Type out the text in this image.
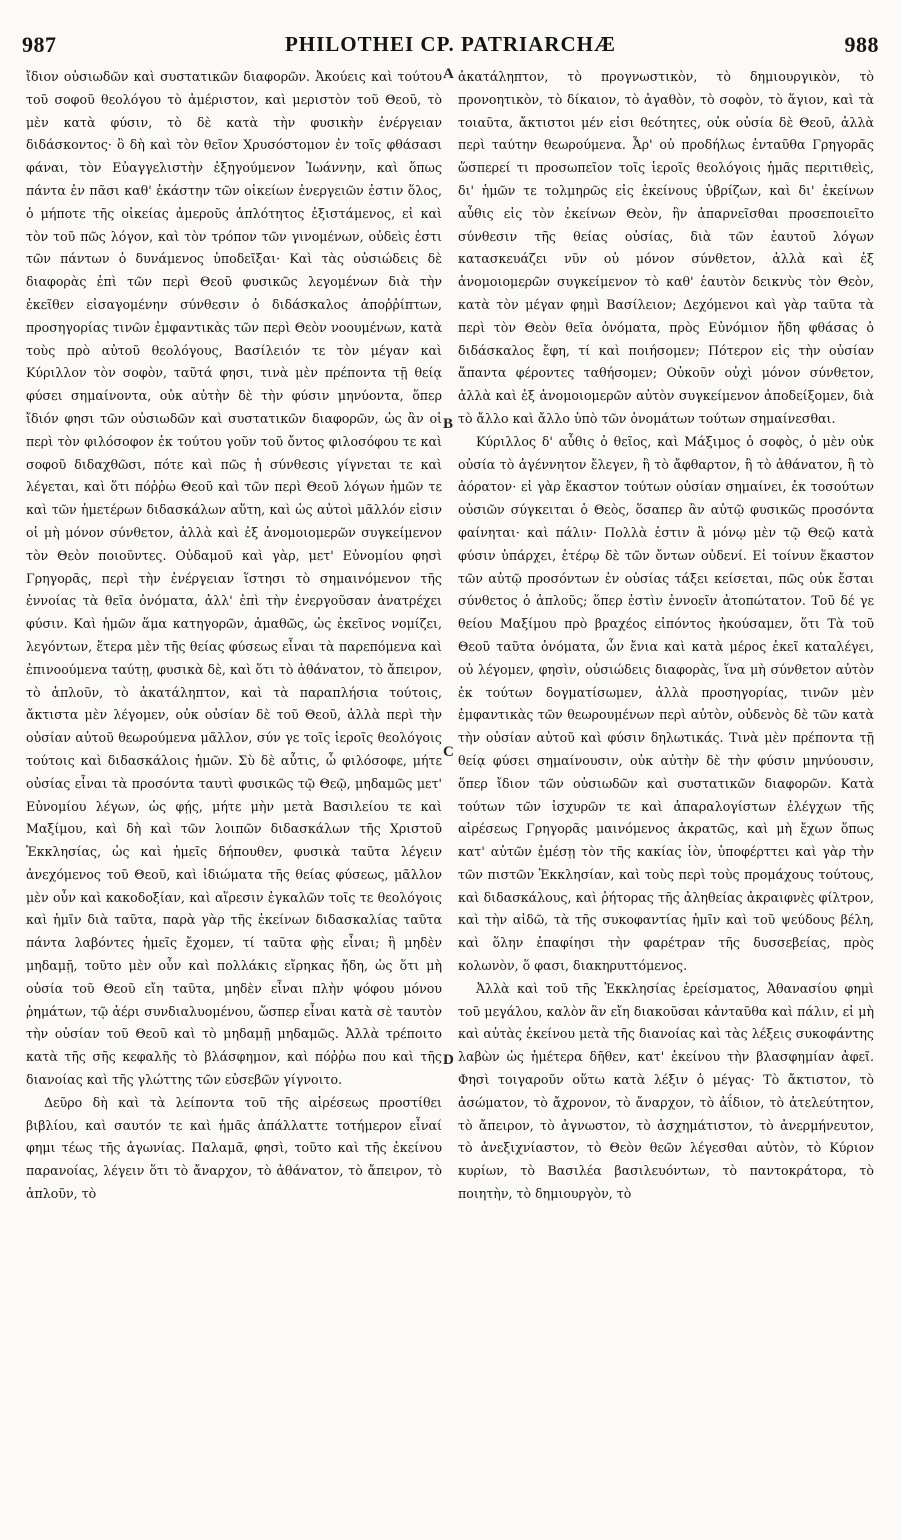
987	PHILOTHEI CP. PATRIARCHÆ	988

ἴδιον οὐσιωδῶν καὶ συστατικῶν διαφορῶν. Ἀκούεις καὶ τούτου τοῦ σοφοῦ θεολόγου τὸ ἀμέριστον, καὶ μεριστὸν τοῦ Θεοῦ, τὸ μὲν κατὰ φύσιν, τὸ δὲ κατὰ τὴν φυσικὴν ἐνέργειαν διδάσκοντος· ὃ δὴ καὶ τὸν θεῖον Χρυσόστομον ἐν τοῖς φθάσασι φάναι, τὸν Εὐαγγελιστὴν ἐξηγούμενον Ἰωάννην, καὶ ὅπως πάντα ἐν πᾶσι καθ' ἑκάστην τῶν οἰκείων ἐνεργειῶν ἐστιν ὅλος, ὁ μήποτε τῆς οἰκείας ἀμεροῦς ἁπλότητος ἐξιστάμενος, εἰ καὶ τὸν τοῦ πῶς λόγον, καὶ τὸν τρόπον τῶν γινομένων, οὐδεὶς ἐστι τῶν πάντων ὁ δυνάμενος ὑποδεῖξαι· Καὶ τὰς οὐσιώδεις δὲ διαφορὰς ἐπὶ τῶν περὶ Θεοῦ φυσικῶς λεγομένων διὰ τὴν ἐκεῖθεν εἰσαγομένην σύνθεσιν ὁ διδάσκαλος ἀποῤῥίπτων, προσηγορίας τινῶν ἐμφαντικὰς τῶν περὶ Θεὸν νοουμένων, κατὰ τοὺς πρὸ αὐτοῦ θεολόγους, Βασίλειόν τε τὸν μέγαν καὶ Κύριλλον τὸν σοφὸν, ταῦτά φησι, τινὰ μὲν πρέποντα τῇ θείᾳ φύσει σημαίνοντα, οὐκ αὐτὴν δὲ τὴν φύσιν μηνύοντα, ὅπερ ἴδιόν φησι τῶν οὐσιωδῶν καὶ συστατικῶν διαφορῶν, ὡς ἂν οἱ περὶ τὸν φιλόσοφον ἐκ τούτου γοῦν τοῦ ὄντος φιλοσόφου τε καὶ σοφοῦ διδαχθῶσι, πότε καὶ πῶς ἡ σύνθεσις γίγνεται τε καὶ λέγεται, καὶ ὅτι πόῤῥω Θεοῦ καὶ τῶν περὶ Θεοῦ λόγων ἡμῶν τε καὶ τῶν ἡμετέρων διδασκάλων αὕτη, καὶ ὡς αὐτοὶ μᾶλλόν εἰσιν οἱ μὴ μόνον σύνθετον, ἀλλὰ καὶ ἐξ ἀνομοιομερῶν συγκείμενον τὸν Θεὸν ποιοῦντες. Οὐδαμοῦ καὶ γὰρ, μετ' Εὐνομίου φησὶ Γρηγορᾶς, περὶ τὴν ἐνέργειαν ἵστησι τὸ σημαινόμενον τῆς ἐννοίας τὰ θεῖα ὀνόματα, ἀλλ' ἐπὶ τὴν ἐνεργοῦσαν ἀνατρέχει φύσιν. Καὶ ἡμῶν ἅμα κατηγορῶν, ἀμαθῶς, ὡς ἐκεῖνος νομίζει, λεγόντων, ἕτερα μὲν τῆς θείας φύσεως εἶναι τὰ παρεπόμενα καὶ ἐπινοούμενα ταύτῃ, φυσικὰ δὲ, καὶ ὅτι τὸ ἀθάνατον, τὸ ἄπειρον, τὸ ἁπλοῦν, τὸ ἀκατάληπτον, καὶ τὰ παραπλήσια τούτοις, ἄκτιστα μὲν λέγομεν, οὐκ οὐσίαν δὲ τοῦ Θεοῦ, ἀλλὰ περὶ τὴν οὐσίαν αὐτοῦ θεωρούμενα μᾶλλον, σύν γε τοῖς ἱεροῖς θεολόγοις τούτοις καὶ διδασκάλοις ἡμῶν. Σὺ δὲ αὖτις, ὦ φιλόσοφε, μήτε οὐσίας εἶναι τὰ προσόντα ταυτὶ φυσικῶς τῷ Θεῷ, μηδαμῶς μετ' Εὐνομίου λέγων, ὡς φῄς, μήτε μὴν μετὰ Βασιλείου τε καὶ Μαξίμου, καὶ δὴ καὶ τῶν λοιπῶν διδασκάλων τῆς Χριστοῦ Ἐκκλησίας, ὡς καὶ ἡμεῖς δήπουθεν, φυσικὰ ταῦτα λέγειν ἀνεχόμενος τοῦ Θεοῦ, καὶ ἰδιώματα τῆς θείας φύσεως, μᾶλλον μὲν οὖν καὶ κακοδοξίαν, καὶ αἵρεσιν ἐγκαλῶν τοῖς τε θεολόγοις καὶ ἡμῖν διὰ ταῦτα, παρὰ γὰρ τῆς ἐκείνων διδασκαλίας ταῦτα πάντα λαβόντες ἡμεῖς ἔχομεν, τί ταῦτα φῂς εἶναι; ἢ μηδὲν μηδαμῇ, τοῦτο μὲν οὖν καὶ πολλάκις εἴρηκας ἤδη, ὡς ὅτι μὴ οὐσία τοῦ Θεοῦ εἴη ταῦτα, μηδὲν εἶναι πλὴν ψόφου μόνου ῥημάτων, τῷ ἀέρι συνδιαλυομένου, ὥσπερ εἶναι κατὰ σὲ ταυτὸν τὴν οὐσίαν τοῦ Θεοῦ καὶ τὸ μηδαμῇ μηδαμῶς. Ἀλλὰ τρέποιτο κατὰ τῆς σῆς κεφαλῆς τὸ βλάσφημον, καὶ πόῤῥω που καὶ τῆς διανοίας καὶ τῆς γλώττης τῶν εὐσεβῶν γίγνοιτο.

Δεῦρο δὴ καὶ τὰ λείποντα τοῦ τῆς αἱρέσεως προστίθει βιβλίου, καὶ σαυτόν τε καὶ ἡμᾶς ἀπάλλαττε τοτήμερον εἶναί φημι τέως τῆς ἀγωνίας. Παλαμᾶ, φησὶ, τοῦτο καὶ τῆς ἐκείνου παρανοίας, λέγειν ὅτι τὸ ἄναρχον, τὸ ἀθάνατον, τὸ ἄπειρον, τὸ ἁπλοῦν, τὸ

A
B
C
D

ἀκατάληπτον, τὸ προγνωστικὸν, τὸ δημιουργικὸν, τὸ προνοητικὸν, τὸ δίκαιον, τὸ ἀγαθὸν, τὸ σοφὸν, τὸ ἅγιον, καὶ τὰ τοιαῦτα, ἄκτιστοι μέν εἰσι θεότητες, οὐκ οὐσία δὲ Θεοῦ, ἀλλὰ περὶ ταύτην θεωρούμενα. Ἆρ' οὐ προδήλως ἐνταῦθα Γρηγορᾶς ὥσπερεί τι προσωπεῖον τοῖς ἱεροῖς θεολόγοις ἡμᾶς περιτιθεὶς, δι' ἡμῶν τε τολμηρῶς εἰς ἐκείνους ὑβρίζων, καὶ δι' ἐκείνων αὖθις εἰς τὸν ἐκείνων Θεὸν, ἣν ἀπαρνεῖσθαι προσεποιεῖτο σύνθεσιν τῆς θείας οὐσίας, διὰ τῶν ἑαυτοῦ λόγων κατασκευάζει νῦν οὐ μόνον σύνθετον, ἀλλὰ καὶ ἐξ ἀνομοιομερῶν συγκείμενον τὸ καθ' ἑαυτὸν δεικνὺς τὸν Θεὸν, κατὰ τὸν μέγαν φημὶ Βασίλειον; Δεχόμενοι καὶ γὰρ ταῦτα τὰ περὶ τὸν Θεὸν θεῖα ὀνόματα, πρὸς Εὐνόμιον ἤδη φθάσας ὁ διδάσκαλος ἔφη, τί καὶ ποιήσομεν; Πότερον εἰς τὴν οὐσίαν ἅπαντα φέροντες ταθήσομεν; Οὐκοῦν οὐχὶ μόνον σύνθετον, ἀλλὰ καὶ ἐξ ἀνομοιομερῶν αὐτὸν συγκείμενον ἀποδείξομεν, διὰ τὸ ἄλλο καὶ ἄλλο ὑπὸ τῶν ὀνομάτων τούτων σημαίνεσθαι.

Κύριλλος δ' αὖθις ὁ θεῖος, καὶ Μάξιμος ὁ σοφὸς, ὁ μὲν οὐκ οὐσία τὸ ἀγέννητον ἔλεγεν, ἢ τὸ ἄφθαρτον, ἢ τὸ ἀθάνατον, ἢ τὸ ἀόρατον· εἰ γὰρ ἕκαστον τούτων οὐσίαν σημαίνει, ἐκ τοσούτων οὐσιῶν σύγκειται ὁ Θεὸς, ὅσαπερ ἂν αὐτῷ φυσικῶς προσόντα φαίνηται· καὶ πάλιν· Πολλὰ ἐστιν ἃ μόνῳ μὲν τῷ Θεῷ κατὰ φύσιν ὑπάρχει, ἑτέρῳ δὲ τῶν ὄντων οὐδενί. Εἰ τοίνυν ἕκαστον τῶν αὐτῷ προσόντων ἐν οὐσίας τάξει κείσεται, πῶς οὐκ ἔσται σύνθετος ὁ ἁπλοῦς; ὅπερ ἐστὶν ἐννοεῖν ἀτοπώτατον. Τοῦ δέ γε θείου Μαξίμου πρὸ βραχέος εἰπόντος ἠκούσαμεν, ὅτι Τὰ τοῦ Θεοῦ ταῦτα ὀνόματα, ὧν ἔνια καὶ κατὰ μέρος ἐκεῖ καταλέγει, οὐ λέγομεν, φησὶν, οὐσιώδεις διαφορὰς, ἵνα μὴ σύνθετον αὐτὸν ἐκ τούτων δογματίσωμεν, ἀλλὰ προσηγορίας, τινῶν μὲν ἐμφαντικὰς τῶν θεωρουμένων περὶ αὐτὸν, οὐδενὸς δὲ τῶν κατὰ τὴν οὐσίαν αὐτοῦ καὶ φύσιν δηλωτικάς. Τινὰ μὲν πρέποντα τῇ θείᾳ φύσει σημαίνουσιν, οὐκ αὐτὴν δὲ τὴν φύσιν μηνύουσιν, ὅπερ ἴδιον τῶν οὐσιωδῶν καὶ συστατικῶν διαφορῶν. Κατὰ τούτων τῶν ἰσχυρῶν τε καὶ ἀπαραλογίστων ἐλέγχων τῆς αἱρέσεως Γρηγορᾶς μαινόμενος ἀκρατῶς, καὶ μὴ ἔχων ὅπως κατ' αὐτῶν ἐμέσῃ τὸν τῆς κακίας ἰὸν, ὑποφέρττει καὶ γὰρ τὴν τῶν πιστῶν Ἐκκλησίαν, καὶ τοὺς περὶ τοὺς προμάχους τούτους, καὶ διδασκάλους, καὶ ῥήτορας τῆς ἀληθείας ἀκραιφνὲς φίλτρον, καὶ τὴν αἰδῶ, τὰ τῆς συκοφαντίας ἡμῖν καὶ τοῦ ψεύδους βέλη, καὶ ὅλην ἐπαφίησι τὴν φαρέτραν τῆς δυσσεβείας, πρὸς κολωνὸν, ὅ φασι, διακηρυττόμενος.

Ἀλλὰ καὶ τοῦ τῆς Ἐκκλησίας ἐρείσματος, Ἀθανασίου φημὶ τοῦ μεγάλου, καλὸν ἂν εἴη διακοῦσαι κἀνταῦθα καὶ πάλιν, εἰ μὴ καὶ αὐτὰς ἐκείνου μετὰ τῆς διανοίας καὶ τὰς λέξεις συκοφάντης λαβὼν ὡς ἡμέτερα δῆθεν, κατ' ἐκείνου τὴν βλασφημίαν ἀφεῖ. Φησὶ τοιγαροῦν οὕτω κατὰ λέξιν ὁ μέγας· Τὸ ἄκτιστον, τὸ ἀσώματον, τὸ ἄχρονον, τὸ ἄναρχον, τὸ ἀΐδιον, τὸ ἀτελεύτητον, τὸ ἄπειρον, τὸ ἀγνωστον, τὸ ἀσχημάτιστον, τὸ ἀνερμήνευτον, τὸ ἀνεξιχνίαστον, τὸ Θεὸν θεῶν λέγεσθαι αὐτὸν, τὸ Κύριον κυρίων, τὸ Βασιλέα βασιλευόντων, τὸ παντοκράτορα, τὸ ποιητὴν, τὸ δημιουργὸν, τὸ
